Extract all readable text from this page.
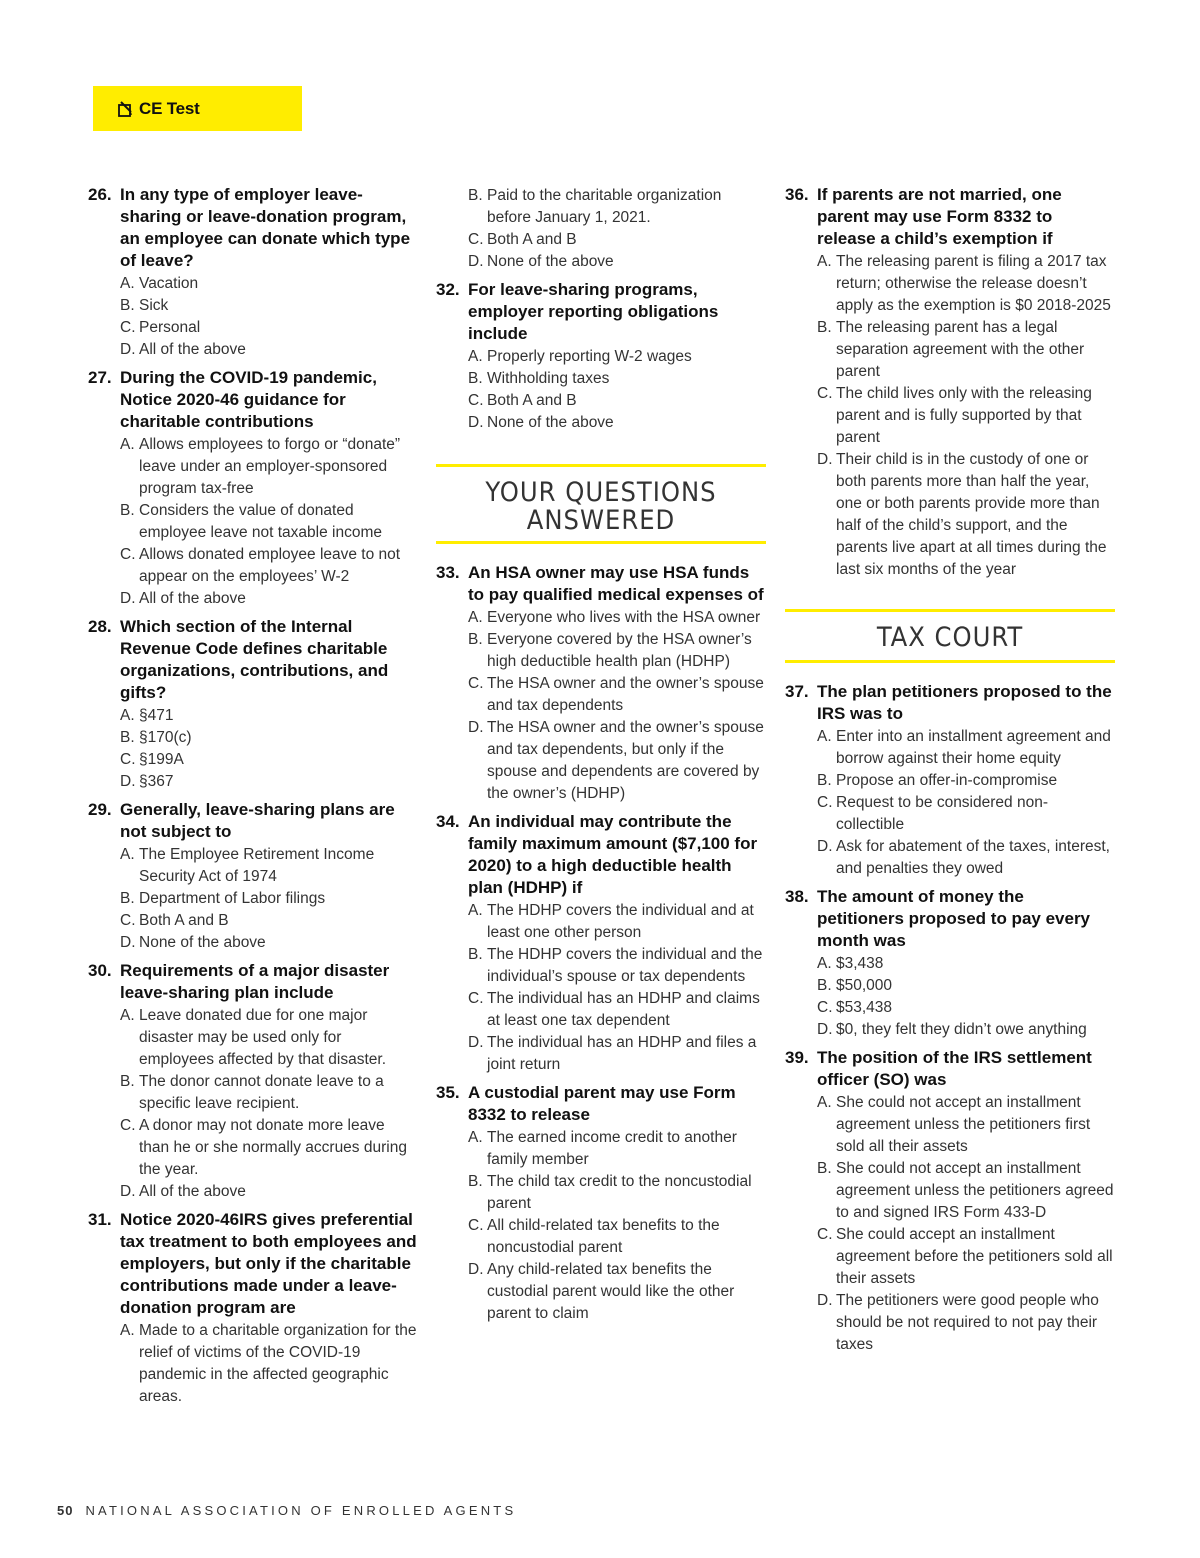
CE Test
26. In any type of employer leave-sharing or leave-donation program, an employee can donate which type of leave?
A. Vacation
B. Sick
C. Personal
D. All of the above
27. During the COVID-19 pandemic, Notice 2020-46 guidance for charitable contributions
A. Allows employees to forgo or “donate” leave under an employer-sponsored program tax-free
B. Considers the value of donated employee leave not taxable income
C. Allows donated employee leave to not appear on the employees’ W-2
D. All of the above
28. Which section of the Internal Revenue Code defines charitable organizations, contributions, and gifts?
A. §471
B. §170(c)
C. §199A
D. §367
29. Generally, leave-sharing plans are not subject to
A. The Employee Retirement Income Security Act of 1974
B. Department of Labor filings
C. Both A and B
D. None of the above
30. Requirements of a major disaster leave-sharing plan include
A. Leave donated due for one major disaster may be used only for employees affected by that disaster.
B. The donor cannot donate leave to a specific leave recipient.
C. A donor may not donate more leave than he or she normally accrues during the year.
D. All of the above
31. Notice 2020-46IRS gives preferential tax treatment to both employees and employers, but only if the charitable contributions made under a leave-donation program are
A. Made to a charitable organization for the relief of victims of the COVID-19 pandemic in the affected geographic areas.
B. Paid to the charitable organization before January 1, 2021.
C. Both A and B
D. None of the above
32. For leave-sharing programs, employer reporting obligations include
A. Properly reporting W-2 wages
B. Withholding taxes
C. Both A and B
D. None of the above
YOUR QUESTIONS
ANSWERED
33. An HSA owner may use HSA funds to pay qualified medical expenses of
A. Everyone who lives with the HSA owner
B. Everyone covered by the HSA owner’s high deductible health plan (HDHP)
C. The HSA owner and the owner’s spouse and tax dependents
D. The HSA owner and the owner’s spouse and tax dependents, but only if the spouse and dependents are covered by the owner’s (HDHP)
34. An individual may contribute the family maximum amount ($7,100 for 2020) to a high deductible health plan (HDHP) if
A. The HDHP covers the individual and at least one other person
B. The HDHP covers the individual and the individual’s spouse or tax dependents
C. The individual has an HDHP and claims at least one tax dependent
D. The individual has an HDHP and files a joint return
35. A custodial parent may use Form 8332 to release
A. The earned income credit to another family member
B. The child tax credit to the noncustodial parent
C. All child-related tax benefits to the noncustodial parent
D. Any child-related tax benefits the custodial parent would like the other parent to claim
36. If parents are not married, one parent may use Form 8332 to release a child’s exemption if
A. The releasing parent is filing a 2017 tax return; otherwise the release doesn’t apply as the exemption is $0 2018-2025
B. The releasing parent has a legal separation agreement with the other parent
C. The child lives only with the releasing parent and is fully supported by that parent
D. Their child is in the custody of one or both parents more than half the year, one or both parents provide more than half of the child’s support, and the parents live apart at all times during the last six months of the year
TAX COURT
37. The plan petitioners proposed to the IRS was to
A. Enter into an installment agreement and borrow against their home equity
B. Propose an offer-in-compromise
C. Request to be considered non-collectible
D. Ask for abatement of the taxes, interest, and penalties they owed
38. The amount of money the petitioners proposed to pay every month was
A. $3,438
B. $50,000
C. $53,438
D. $0, they felt they didn’t owe anything
39. The position of the IRS settlement officer (SO) was
A. She could not accept an installment agreement unless the petitioners first sold all their assets
B. She could not accept an installment agreement unless the petitioners agreed to and signed IRS Form 433-D
C. She could accept an installment agreement before the petitioners sold all their assets
D. The petitioners were good people who should be not required to not pay their taxes
50 NATIONAL ASSOCIATION OF ENROLLED AGENTS
